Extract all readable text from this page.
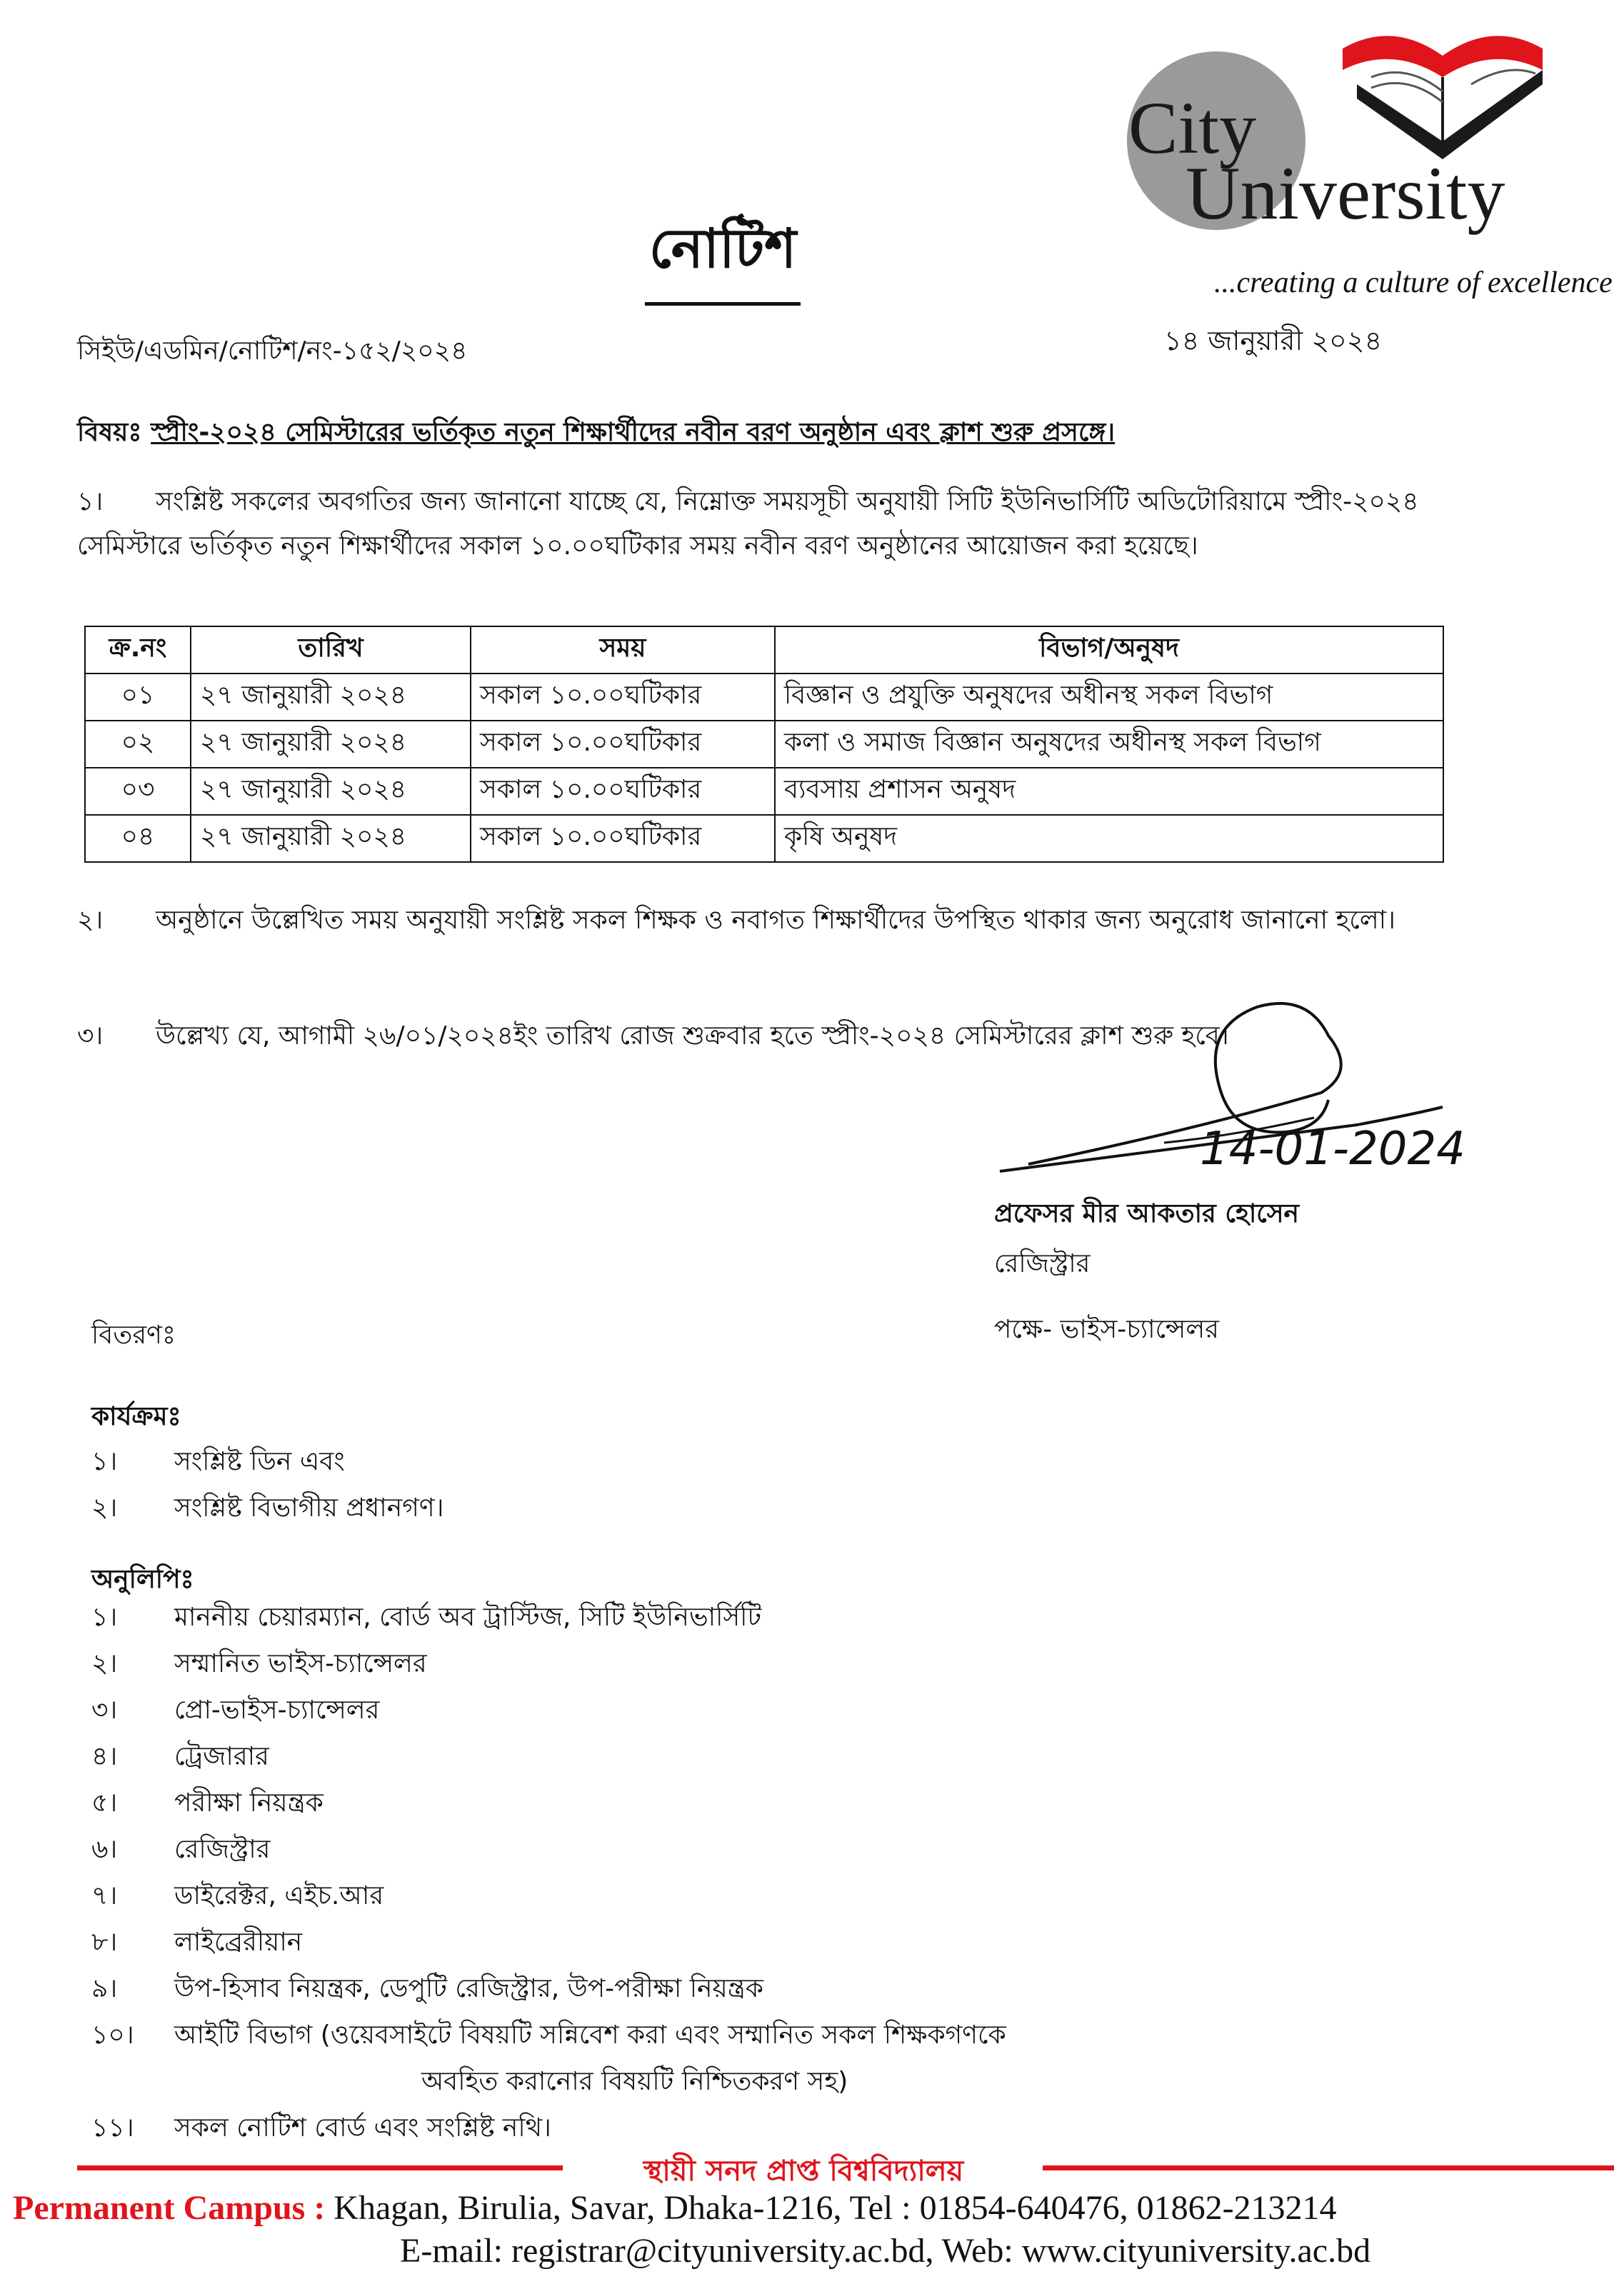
City
University
...creating a culture of excellence
নোটিশ
সিইউ/এডমিন/নোটিশ/নং-১৫২/২০২৪	১৪ জানুয়ারী ২০২৪
বিষয়ঃ স্প্রীং-২০২৪ সেমিস্টারের ভর্তিকৃত নতুন শিক্ষার্থীদের নবীন বরণ অনুষ্ঠান এবং ক্লাশ শুরু প্রসঙ্গে।
১। সংশ্লিষ্ট সকলের অবগতির জন্য জানানো যাচ্ছে যে, নিম্নোক্ত সময়সূচী অনুযায়ী সিটি ইউনিভার্সিটি অডিটোরিয়ামে স্প্রীং-২০২৪ সেমিস্টারে ভর্তিকৃত নতুন শিক্ষার্থীদের সকাল ১০.০০ঘটিকার সময় নবীন বরণ অনুষ্ঠানের আয়োজন করা হয়েছে।
ক্র.নং	তারিখ	সময়	বিভাগ/অনুষদ
০১	২৭ জানুয়ারী ২০২৪	সকাল ১০.০০ঘটিকার	বিজ্ঞান ও প্রযুক্তি অনুষদের অধীনস্থ সকল বিভাগ
০২	২৭ জানুয়ারী ২০২৪	সকাল ১০.০০ঘটিকার	কলা ও সমাজ বিজ্ঞান অনুষদের অধীনস্থ সকল বিভাগ
০৩	২৭ জানুয়ারী ২০২৪	সকাল ১০.০০ঘটিকার	ব্যবসায় প্রশাসন অনুষদ
০৪	২৭ জানুয়ারী ২০২৪	সকাল ১০.০০ঘটিকার	কৃষি অনুষদ
২। অনুষ্ঠানে উল্লেখিত সময় অনুযায়ী সংশ্লিষ্ট সকল শিক্ষক ও নবাগত শিক্ষার্থীদের উপস্থিত থাকার জন্য অনুরোধ জানানো হলো।
৩। উল্লেখ্য যে, আগামী ২৬/০১/২০২৪ইং তারিখ রোজ শুক্রবার হতে স্প্রীং-২০২৪ সেমিস্টারের ক্লাশ শুরু হবে।
14-01-2024
প্রফেসর মীর আকতার হোসেন
রেজিস্ট্রার
পক্ষে- ভাইস-চ্যান্সেলর
বিতরণঃ
কার্যক্রমঃ
১। সংশ্লিষ্ট ডিন এবং
২। সংশ্লিষ্ট বিভাগীয় প্রধানগণ।
অনুলিপিঃ
১। মাননীয় চেয়ারম্যান, বোর্ড অব ট্রাস্টিজ, সিটি ইউনিভার্সিটি
২। সম্মানিত ভাইস-চ্যান্সেলর
৩। প্রো-ভাইস-চ্যান্সেলর
৪। ট্রেজারার
৫। পরীক্ষা নিয়ন্ত্রক
৬। রেজিস্ট্রার
৭। ডাইরেক্টর, এইচ.আর
৮। লাইব্রেরীয়ান
৯। উপ-হিসাব নিয়ন্ত্রক, ডেপুটি রেজিস্ট্রার, উপ-পরীক্ষা নিয়ন্ত্রক
১০। আইটি বিভাগ (ওয়েবসাইটে বিষয়টি সন্নিবেশ করা এবং সম্মানিত সকল শিক্ষকগণকে
অবহিত করানোর বিষয়টি নিশ্চিতকরণ সহ)
১১। সকল নোটিশ বোর্ড এবং সংশ্লিষ্ট নথি।
স্থায়ী সনদ প্রাপ্ত বিশ্ববিদ্যালয়
Permanent Campus : Khagan, Birulia, Savar, Dhaka-1216, Tel : 01854-640476, 01862-213214
E-mail: registrar@cityuniversity.ac.bd, Web: www.cityuniversity.ac.bd
